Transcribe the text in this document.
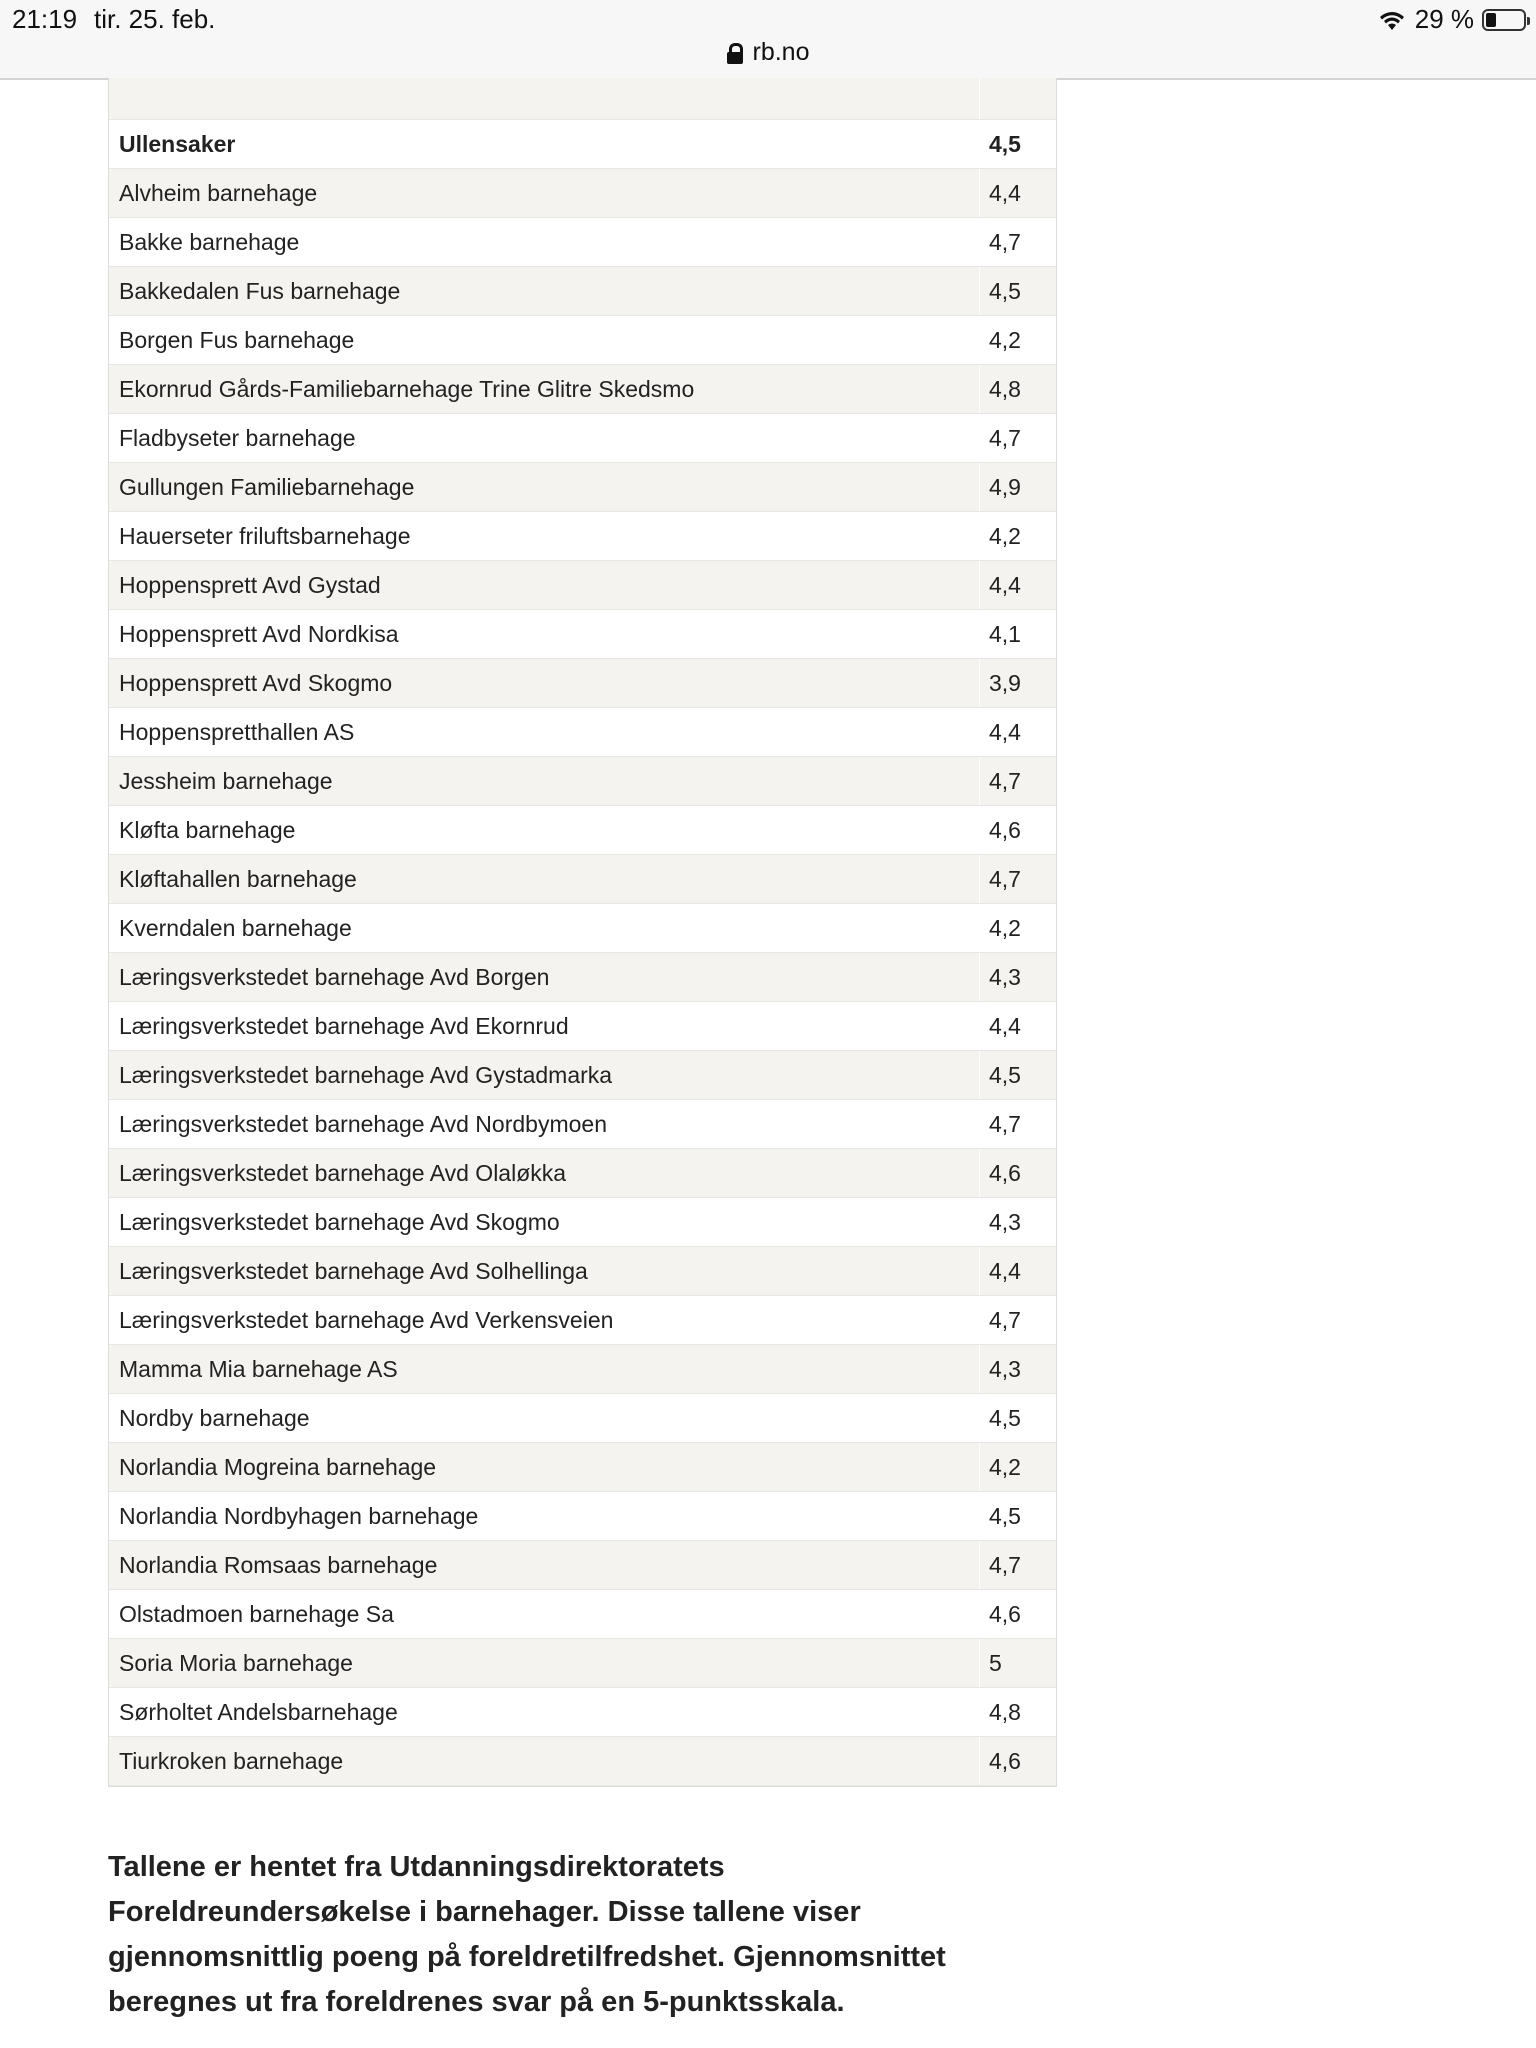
21:19 tir. 25. feb.	29 %
rb.no
Ullensaker	4,5
Alvheim barnehage	4,4
Bakke barnehage	4,7
Bakkedalen Fus barnehage	4,5
Borgen Fus barnehage	4,2
Ekornrud Gårds-Familiebarnehage Trine Glitre Skedsmo	4,8
Fladbyseter barnehage	4,7
Gullungen Familiebarnehage	4,9
Hauerseter friluftsbarnehage	4,2
Hoppensprett Avd Gystad	4,4
Hoppensprett Avd Nordkisa	4,1
Hoppensprett Avd Skogmo	3,9
Hoppenspretthallen AS	4,4
Jessheim barnehage	4,7
Kløfta barnehage	4,6
Kløftahallen barnehage	4,7
Kverndalen barnehage	4,2
Læringsverkstedet barnehage Avd Borgen	4,3
Læringsverkstedet barnehage Avd Ekornrud	4,4
Læringsverkstedet barnehage Avd Gystadmarka	4,5
Læringsverkstedet barnehage Avd Nordbymoen	4,7
Læringsverkstedet barnehage Avd Olaløkka	4,6
Læringsverkstedet barnehage Avd Skogmo	4,3
Læringsverkstedet barnehage Avd Solhellinga	4,4
Læringsverkstedet barnehage Avd Verkensveien	4,7
Mamma Mia barnehage AS	4,3
Nordby barnehage	4,5
Norlandia Mogreina barnehage	4,2
Norlandia Nordbyhagen barnehage	4,5
Norlandia Romsaas barnehage	4,7
Olstadmoen barnehage Sa	4,6
Soria Moria barnehage	5
Sørholtet Andelsbarnehage	4,8
Tiurkroken barnehage	4,6
Tallene er hentet fra Utdanningsdirektoratets Foreldreundersøkelse i barnehager. Disse tallene viser gjennomsnittlig poeng på foreldretilfredshet. Gjennomsnittet beregnes ut fra foreldrenes svar på en 5-punktsskala.
